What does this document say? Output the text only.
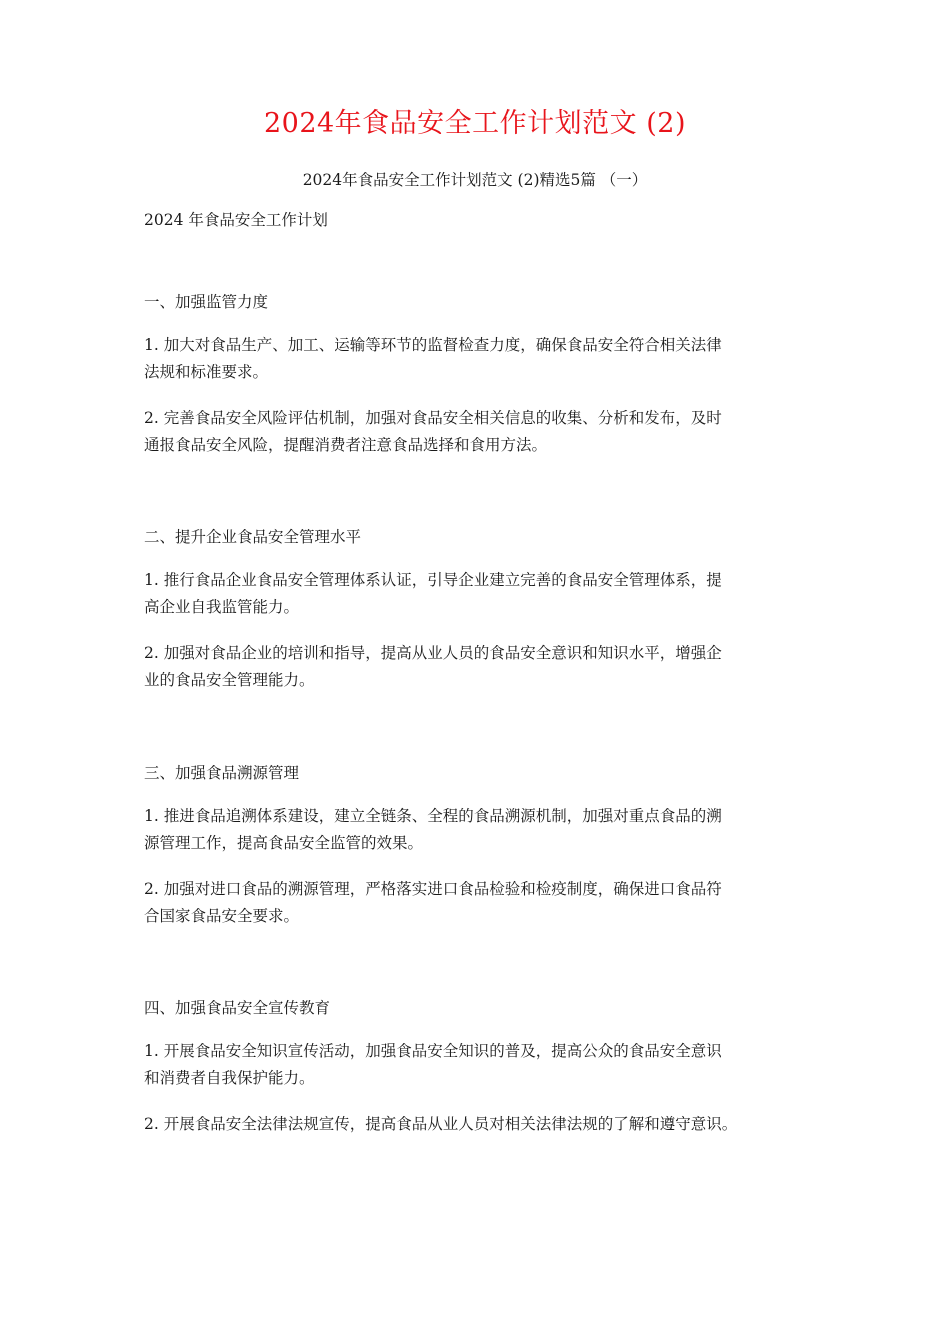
2024年食品安全工作计划范文 (2)
2024年食品安全工作计划范文 (2)精选5篇 （一）
2024 年食品安全工作计划
一、加强监管力度
1. 加大对食品生产、加工、运输等环节的监督检查力度，确保食品安全符合相关法律
法规和标准要求。
2. 完善食品安全风险评估机制，加强对食品安全相关信息的收集、分析和发布，及时
通报食品安全风险，提醒消费者注意食品选择和食用方法。
二、提升企业食品安全管理水平
1. 推行食品企业食品安全管理体系认证，引导企业建立完善的食品安全管理体系，提
高企业自我监管能力。
2. 加强对食品企业的培训和指导，提高从业人员的食品安全意识和知识水平，增强企
业的食品安全管理能力。
三、加强食品溯源管理
1. 推进食品追溯体系建设，建立全链条、全程的食品溯源机制，加强对重点食品的溯
源管理工作，提高食品安全监管的效果。
2. 加强对进口食品的溯源管理，严格落实进口食品检验和检疫制度，确保进口食品符
合国家食品安全要求。
四、加强食品安全宣传教育
1. 开展食品安全知识宣传活动，加强食品安全知识的普及，提高公众的食品安全意识
和消费者自我保护能力。
2. 开展食品安全法律法规宣传，提高食品从业人员对相关法律法规的了解和遵守意识。
